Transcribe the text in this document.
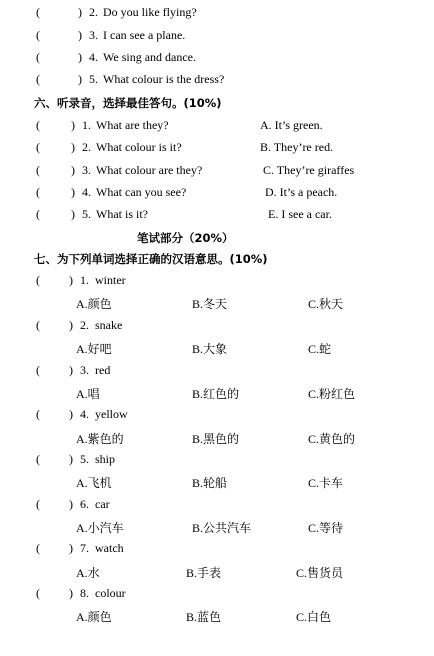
(	) 2. Do you like flying?
(	) 3. I can see a plane.
(	) 4. We sing and dance.
(	) 5. What colour is the dress?
六、听录音，选择最佳答句。(10%)
(	) 1. What are they?	A. It’s green.
(	) 2. What colour is it?	B. They’re red.
(	) 3. What colour are they?	C. They’re giraffes
(	) 4. What can you see?	D. It’s a peach.
(	) 5. What is it?	E. I see a car.
笔试部分（20%）
七、为下列单词选择正确的汉语意思。(10%)
( ) 1. winter
A.颜色	B.冬天	C.秋天
( ) 2. snake
A.好吧	B.大象	C.蛇
( ) 3. red
A.唱	B.红色的	C.粉红色
( ) 4. yellow
A.紫色的	B.黑色的	C.黄色的
( ) 5. ship
A.飞机	B.轮船	C.卡车
( ) 6. car
A.小汽车	B.公共汽车	C.等待
( ) 7. watch
A.水	B.手表	C.售货员
( ) 8. colour
A.颜色	B.蓝色	C.白色
